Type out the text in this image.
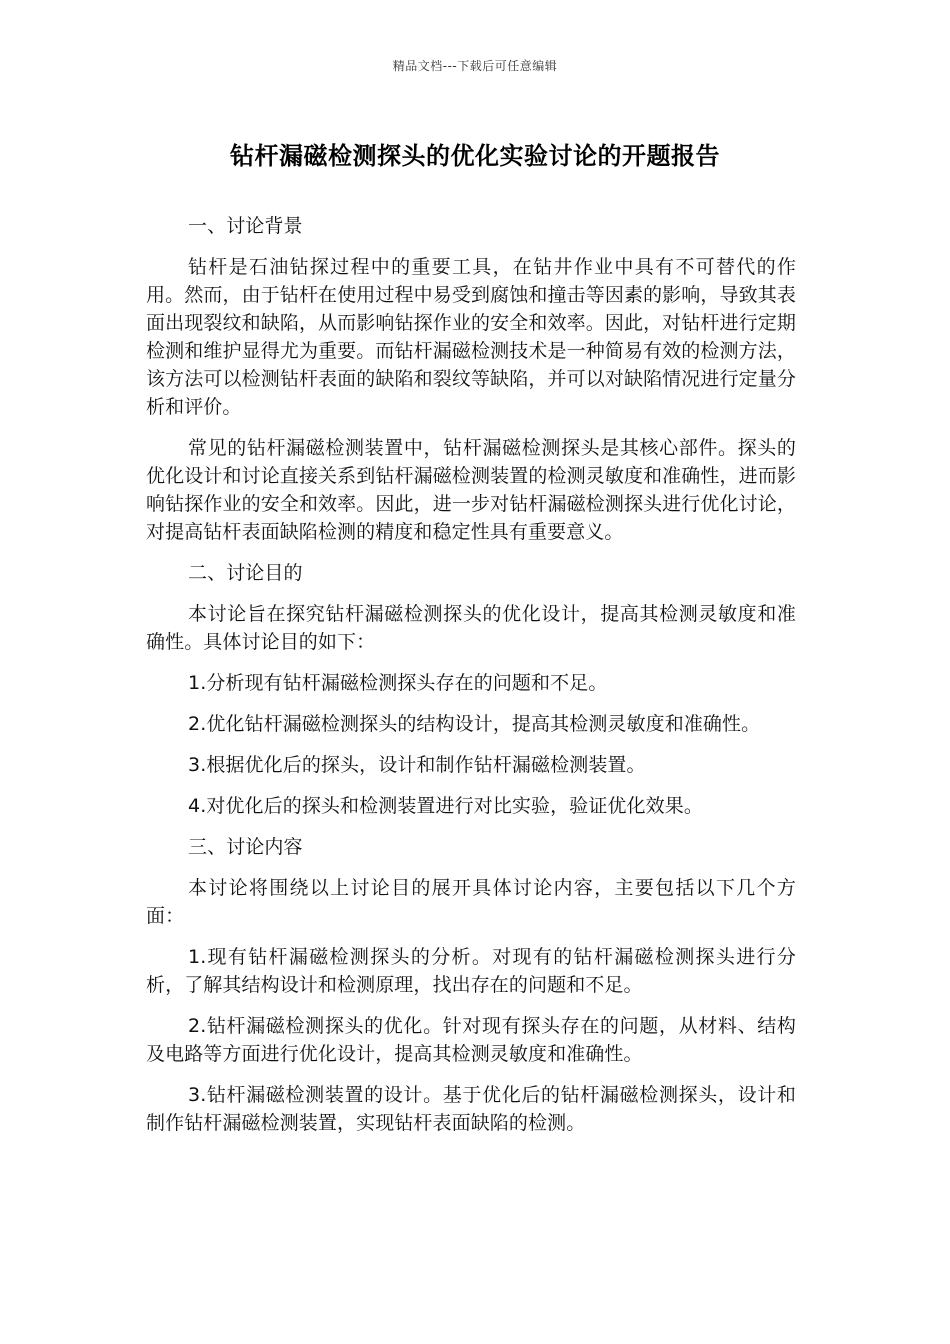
精品文档---下载后可任意编辑
钻杆漏磁检测探头的优化实验讨论的开题报告

一、讨论背景

钻杆是石油钻探过程中的重要工具，在钻井作业中具有不可替代的作用。然而，由于钻杆在使用过程中易受到腐蚀和撞击等因素的影响，导致其表面出现裂纹和缺陷，从而影响钻探作业的安全和效率。因此，对钻杆进行定期检测和维护显得尤为重要。而钻杆漏磁检测技术是一种简易有效的检测方法，该方法可以检测钻杆表面的缺陷和裂纹等缺陷，并可以对缺陷情况进行定量分析和评价。

常见的钻杆漏磁检测装置中，钻杆漏磁检测探头是其核心部件。探头的优化设计和讨论直接关系到钻杆漏磁检测装置的检测灵敏度和准确性，进而影响钻探作业的安全和效率。因此，进一步对钻杆漏磁检测探头进行优化讨论，对提高钻杆表面缺陷检测的精度和稳定性具有重要意义。

二、讨论目的

本讨论旨在探究钻杆漏磁检测探头的优化设计，提高其检测灵敏度和准确性。具体讨论目的如下：

1.分析现有钻杆漏磁检测探头存在的问题和不足。

2.优化钻杆漏磁检测探头的结构设计，提高其检测灵敏度和准确性。

3.根据优化后的探头，设计和制作钻杆漏磁检测装置。

4.对优化后的探头和检测装置进行对比实验，验证优化效果。

三、讨论内容

本讨论将围绕以上讨论目的展开具体讨论内容，主要包括以下几个方面：

1.现有钻杆漏磁检测探头的分析。对现有的钻杆漏磁检测探头进行分析，了解其结构设计和检测原理，找出存在的问题和不足。

2.钻杆漏磁检测探头的优化。针对现有探头存在的问题，从材料、结构及电路等方面进行优化设计，提高其检测灵敏度和准确性。

3.钻杆漏磁检测装置的设计。基于优化后的钻杆漏磁检测探头，设计和制作钻杆漏磁检测装置，实现钻杆表面缺陷的检测。
